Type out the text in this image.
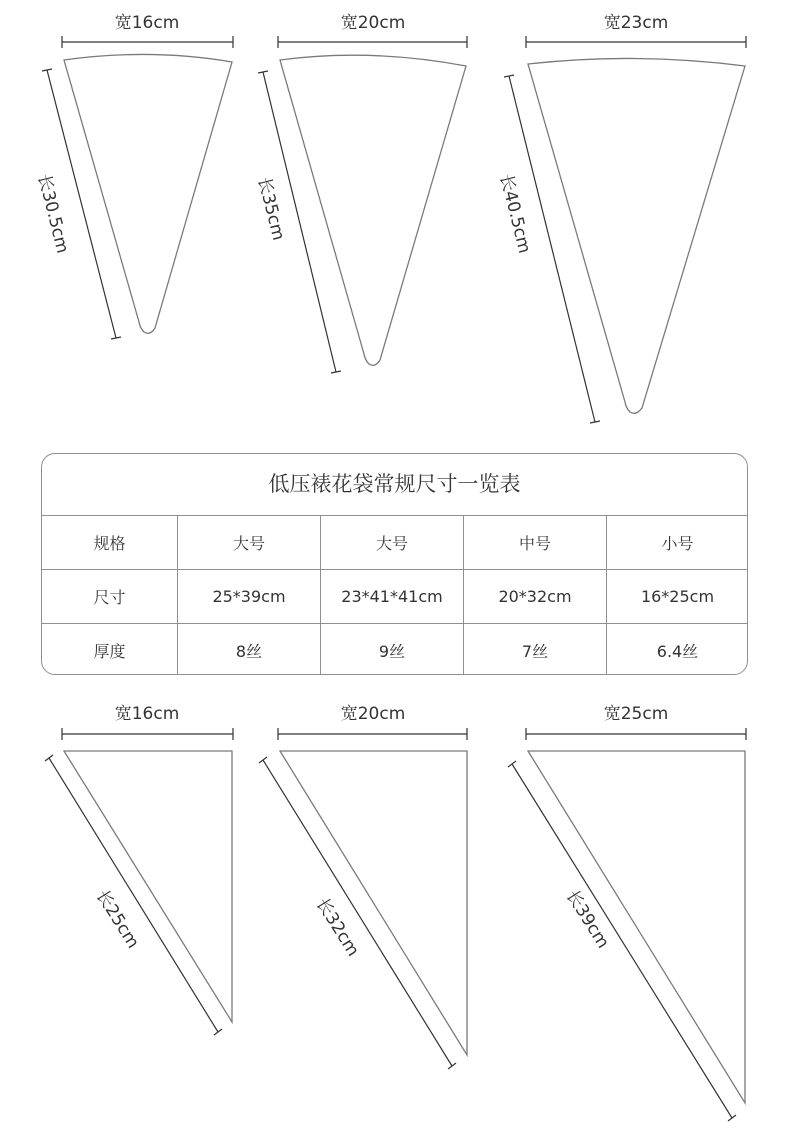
宽16cm
长30.5cm
宽20cm
长35cm
宽23cm
长40.5cm
宽16cm
长25cm
宽20cm
长32cm
宽25cm
长39cm
低压裱花袋常规尺寸一览表
规格	大号	大号	中号	小号
尺寸	25*39cm	23*41*41cm	20*32cm	16*25cm
厚度	8丝	9丝	7丝	6.4丝
